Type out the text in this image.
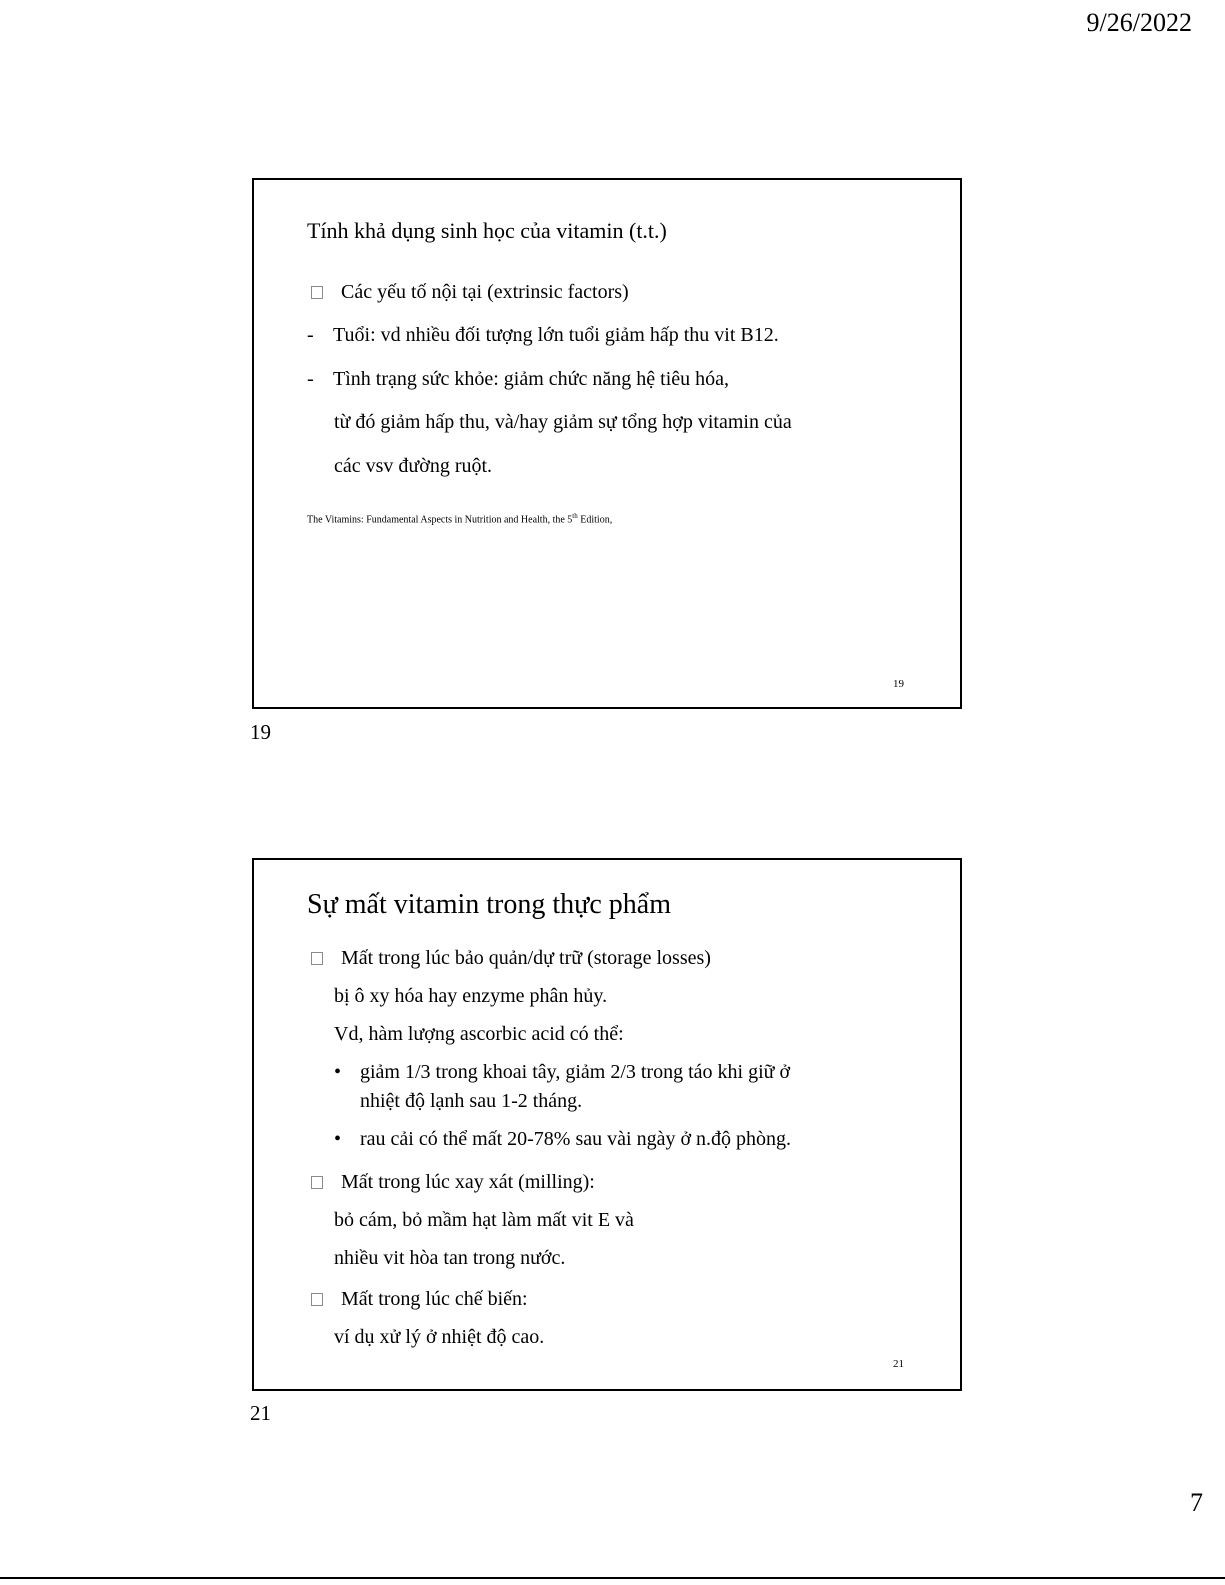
9/26/2022
Tính khả dụng sinh học của vitamin (t.t.)
Các yếu tố nội tại (extrinsic factors)
- Tuổi: vd nhiều đối tượng lớn tuổi giảm hấp thu vit B12.
- Tình trạng sức khỏe: giảm chức năng hệ tiêu hóa,
từ đó giảm hấp thu, và/hay giảm sự tổng hợp vitamin của
các vsv đường ruột.
The Vitamins: Fundamental Aspects in Nutrition and Health, the 5th Edition,
19
19
Sự mất vitamin trong thực phẩm
Mất trong lúc bảo quản/dự trữ (storage losses)
bị ô xy hóa hay enzyme phân hủy.
Vd, hàm lượng ascorbic acid có thể:
• giảm 1/3 trong khoai tây, giảm 2/3 trong táo khi giữ ở
nhiệt độ lạnh sau 1-2 tháng.
• rau cải có thể mất 20-78% sau vài ngày ở n.độ phòng.
Mất trong lúc xay xát (milling):
bỏ cám, bỏ mầm hạt làm mất vit E và
nhiều vit hòa tan trong nước.
Mất trong lúc chế biến:
ví dụ xử lý ở nhiệt độ cao.
21
21
7
